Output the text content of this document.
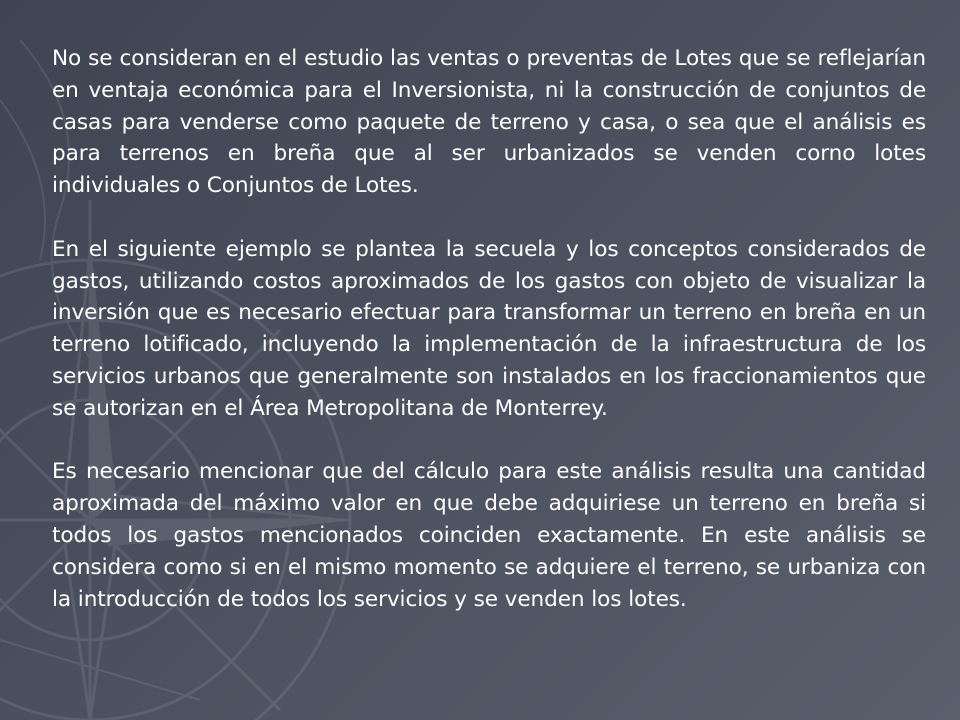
No se consideran en el estudio las ventas o preventas de Lotes que se reflejarían en ventaja económica para el Inversionista, ni la construcción de conjuntos de casas para venderse como paquete de terreno y casa, o sea que el análisis es para terrenos en breña que al ser urbanizados se venden corno lotes individuales o Conjuntos de Lotes.

En el siguiente ejemplo se plantea la secuela y los conceptos considerados de gastos, utilizando costos aproximados de los gastos con objeto de visualizar la inversión que es necesario efectuar para transformar un terreno en breña en un terreno lotificado, incluyendo la implementación de la infraestructura de los servicios urbanos que generalmente son instalados en los fraccionamientos que se autorizan en el Área Metropolitana de Monterrey.

Es necesario mencionar que del cálculo para este análisis resulta una cantidad aproximada del máximo valor en que debe adquiriese un terreno en breña si todos los gastos mencionados coinciden exactamente. En este análisis se considera como si en el mismo momento se adquiere el terreno, se urbaniza con la introducción de todos los servicios y se venden los lotes.
